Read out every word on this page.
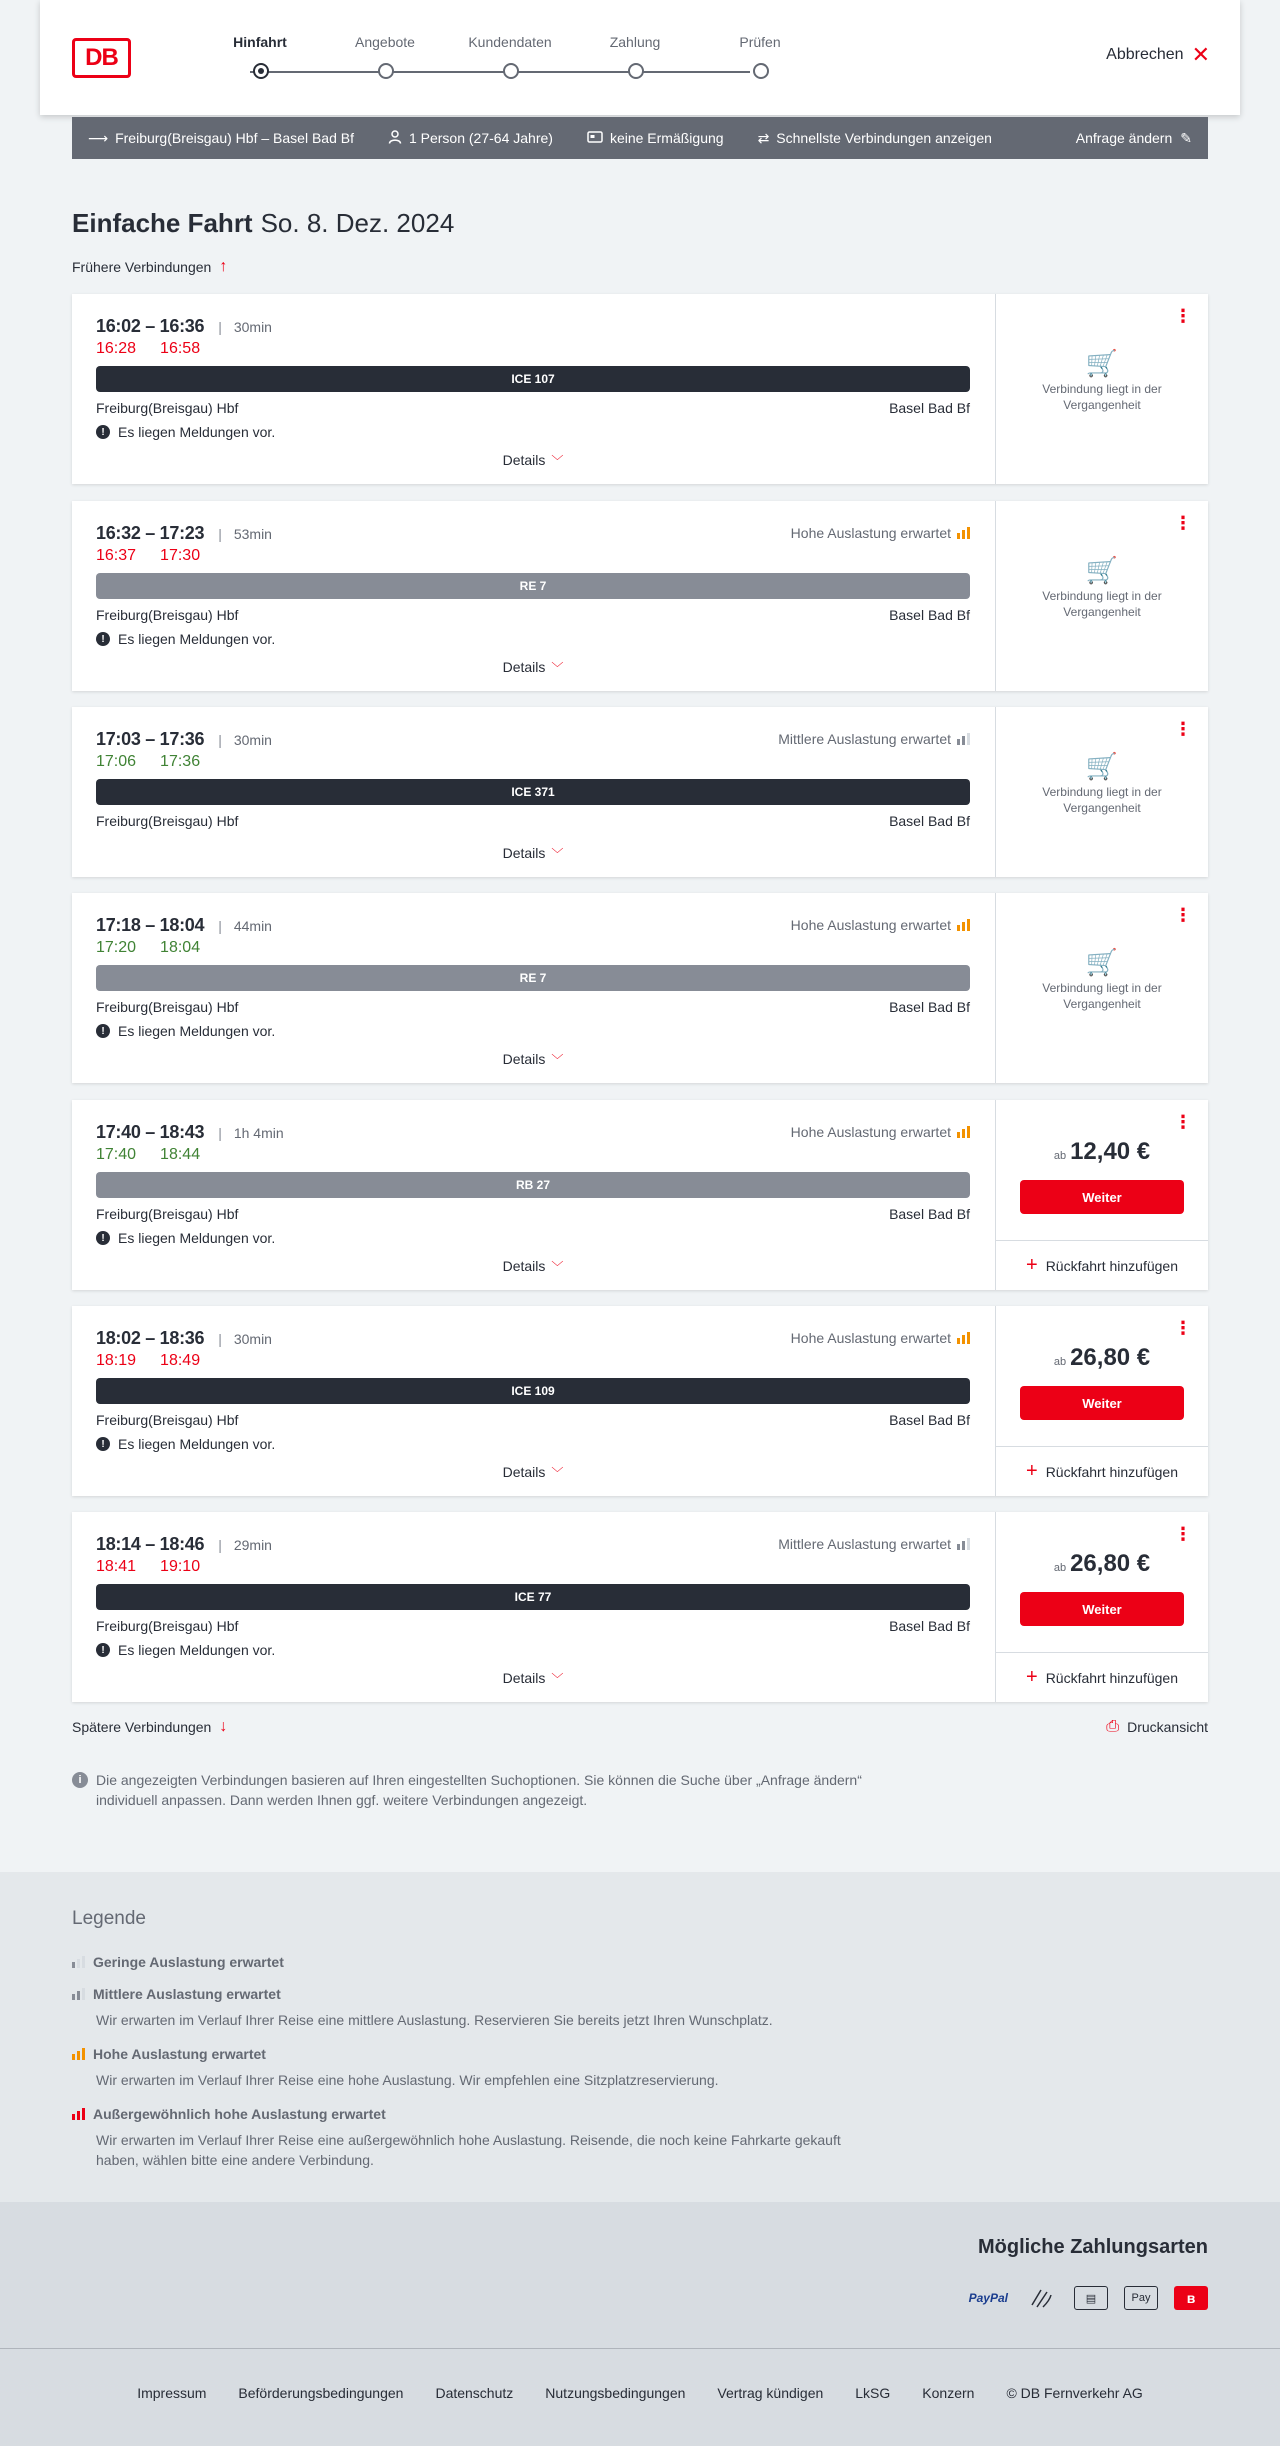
DB
Hinfahrt	Angebote	Kundendaten	Zahlung	Prüfen
Abbrechen ✕
⟶ Freiburg(Breisgau) Hbf – Basel Bad Bf	1 Person (27-64 Jahre)	keine Ermäßigung ⇄ Schnellste Verbindungen anzeigen	Anfrage ändern ✎
Einfache Fahrt So. 8. Dez. 2024
Frühere Verbindungen ↑
16:02 – 16:36 | 30min
16:28 16:58
ICE 107
Freiburg(Breisgau) Hbf	Basel Bad Bf
! Es liegen Meldungen vor.
Details ﹀
⋮
🛒
Verbindung liegt in der Vergangenheit
16:32 – 17:23 | 53min
16:37 17:30
Hohe Auslastung erwartet
RE 7
Freiburg(Breisgau) Hbf	Basel Bad Bf
! Es liegen Meldungen vor.
Details ﹀
⋮
🛒
Verbindung liegt in der Vergangenheit
17:03 – 17:36 | 30min
17:06 17:36
Mittlere Auslastung erwartet
ICE 371
Freiburg(Breisgau) Hbf	Basel Bad Bf
Details ﹀
⋮
🛒
Verbindung liegt in der Vergangenheit
17:18 – 18:04 | 44min
17:20 18:04
Hohe Auslastung erwartet
RE 7
Freiburg(Breisgau) Hbf	Basel Bad Bf
! Es liegen Meldungen vor.
Details ﹀
⋮
🛒
Verbindung liegt in der Vergangenheit
17:40 – 18:43 | 1h 4min
17:40 18:44
Hohe Auslastung erwartet
RB 27
Freiburg(Breisgau) Hbf	Basel Bad Bf
! Es liegen Meldungen vor.
Details ﹀
⋮
ab 12,40 €
Weiter
+ Rückfahrt hinzufügen
18:02 – 18:36 | 30min
18:19 18:49
Hohe Auslastung erwartet
ICE 109
Freiburg(Breisgau) Hbf	Basel Bad Bf
! Es liegen Meldungen vor.
Details ﹀
⋮
ab 26,80 €
Weiter
+ Rückfahrt hinzufügen
18:14 – 18:46 | 29min
18:41 19:10
Mittlere Auslastung erwartet
ICE 77
Freiburg(Breisgau) Hbf	Basel Bad Bf
! Es liegen Meldungen vor.
Details ﹀
⋮
ab 26,80 €
Weiter
+ Rückfahrt hinzufügen
Spätere Verbindungen ↓	⎙ Druckansicht
i	Die angezeigten Verbindungen basieren auf Ihren eingestellten Suchoptionen. Sie können die Suche über „Anfrage ändern“ individuell anpassen. Dann werden Ihnen ggf. weitere Verbindungen angezeigt.
Legende
Geringe Auslastung erwartet
Mittlere Auslastung erwartet
Wir erwarten im Verlauf Ihrer Reise eine mittlere Auslastung. Reservieren Sie bereits jetzt Ihren Wunschplatz.
Hohe Auslastung erwartet
Wir erwarten im Verlauf Ihrer Reise eine hohe Auslastung. Wir empfehlen eine Sitzplatzreservierung.
Außergewöhnlich hohe Auslastung erwartet
Wir erwarten im Verlauf Ihrer Reise eine außergewöhnlich hohe Auslastung. Reisende, die noch keine Fahrkarte gekauft haben, wählen bitte eine andere Verbindung.
Mögliche Zahlungsarten
PayPal	▤	Pay	ʙ
Impressum Beförderungsbedingungen Datenschutz Nutzungsbedingungen Vertrag kündigen LkSG Konzern © DB Fernverkehr AG
